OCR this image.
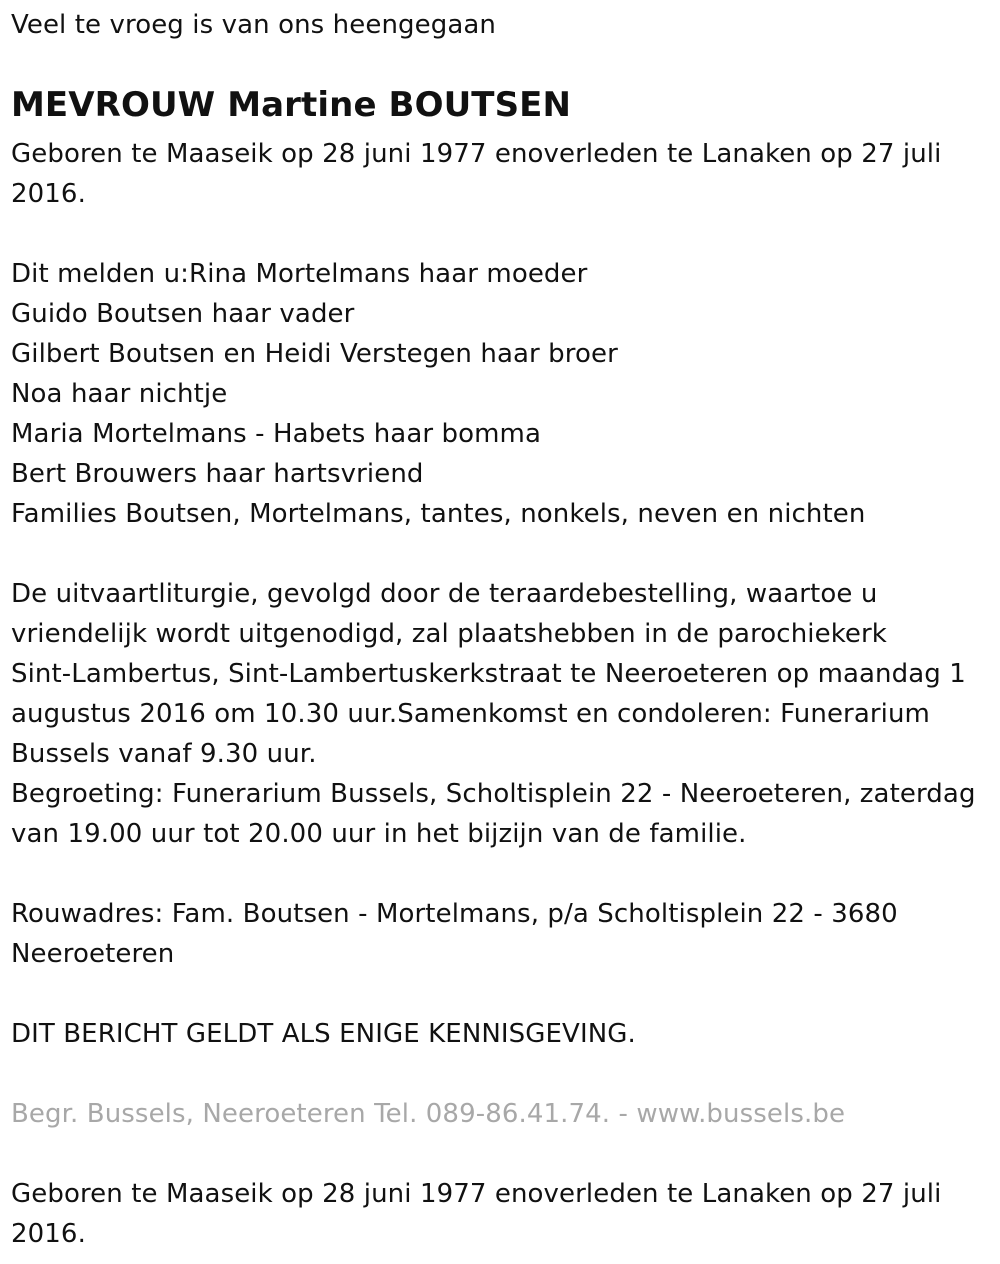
Veel te vroeg is van ons heengegaan
MEVROUW Martine BOUTSEN
Geboren te Maaseik op 28 juni 1977 enoverleden te Lanaken op 27 juli
2016.
Dit melden u:Rina Mortelmans haar moeder
Guido Boutsen haar vader
Gilbert Boutsen en Heidi Verstegen haar broer
Noa haar nichtje
Maria Mortelmans - Habets haar bomma
Bert Brouwers haar hartsvriend
Families Boutsen, Mortelmans, tantes, nonkels, neven en nichten
De uitvaartliturgie, gevolgd door de teraardebestelling, waartoe u
vriendelijk wordt uitgenodigd, zal plaatshebben in de parochiekerk
Sint-Lambertus, Sint-Lambertuskerkstraat te Neeroeteren op maandag 1
augustus 2016 om 10.30 uur.Samenkomst en condoleren: Funerarium
Bussels vanaf 9.30 uur.
Begroeting: Funerarium Bussels, Scholtisplein 22 - Neeroeteren, zaterdag
van 19.00 uur tot 20.00 uur in het bijzijn van de familie.
Rouwadres: Fam. Boutsen - Mortelmans, p/a Scholtisplein 22 - 3680
Neeroeteren
DIT BERICHT GELDT ALS ENIGE KENNISGEVING.
Begr. Bussels, Neeroeteren Tel. 089-86.41.74. - www.bussels.be
Geboren te Maaseik op 28 juni 1977 enoverleden te Lanaken op 27 juli
2016.
